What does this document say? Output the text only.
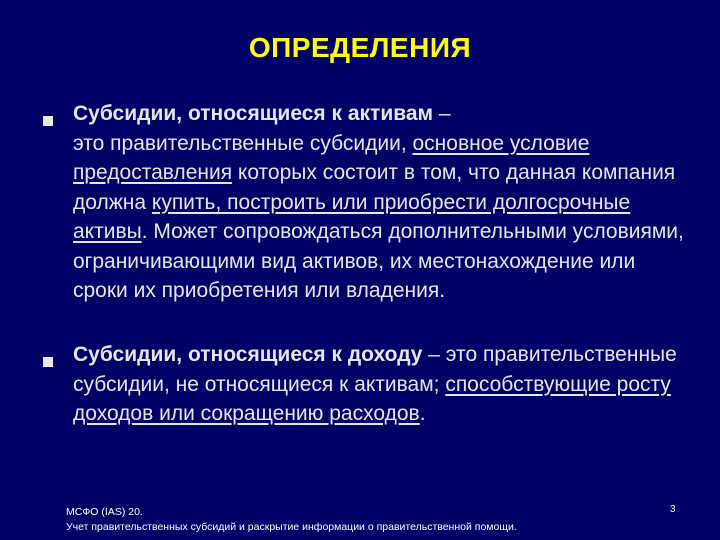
ОПРЕДЕЛЕНИЯ
Субсидии, относящиеся к активам –
это правительственные субсидии, основное условие предоставления которых состоит в том, что данная компания должна купить, построить или приобрести долгосрочные активы. Может сопровождаться дополнительными условиями, ограничивающими вид активов, их местонахождение или сроки их приобретения или владения.
Субсидии, относящиеся к доходу – это правительственные субсидии, не относящиеся к активам; способствующие росту доходов или сокращению расходов.
МСФО (IAS) 20.
Учет правительственных субсидий и раскрытие информации о правительственной помощи.
3
